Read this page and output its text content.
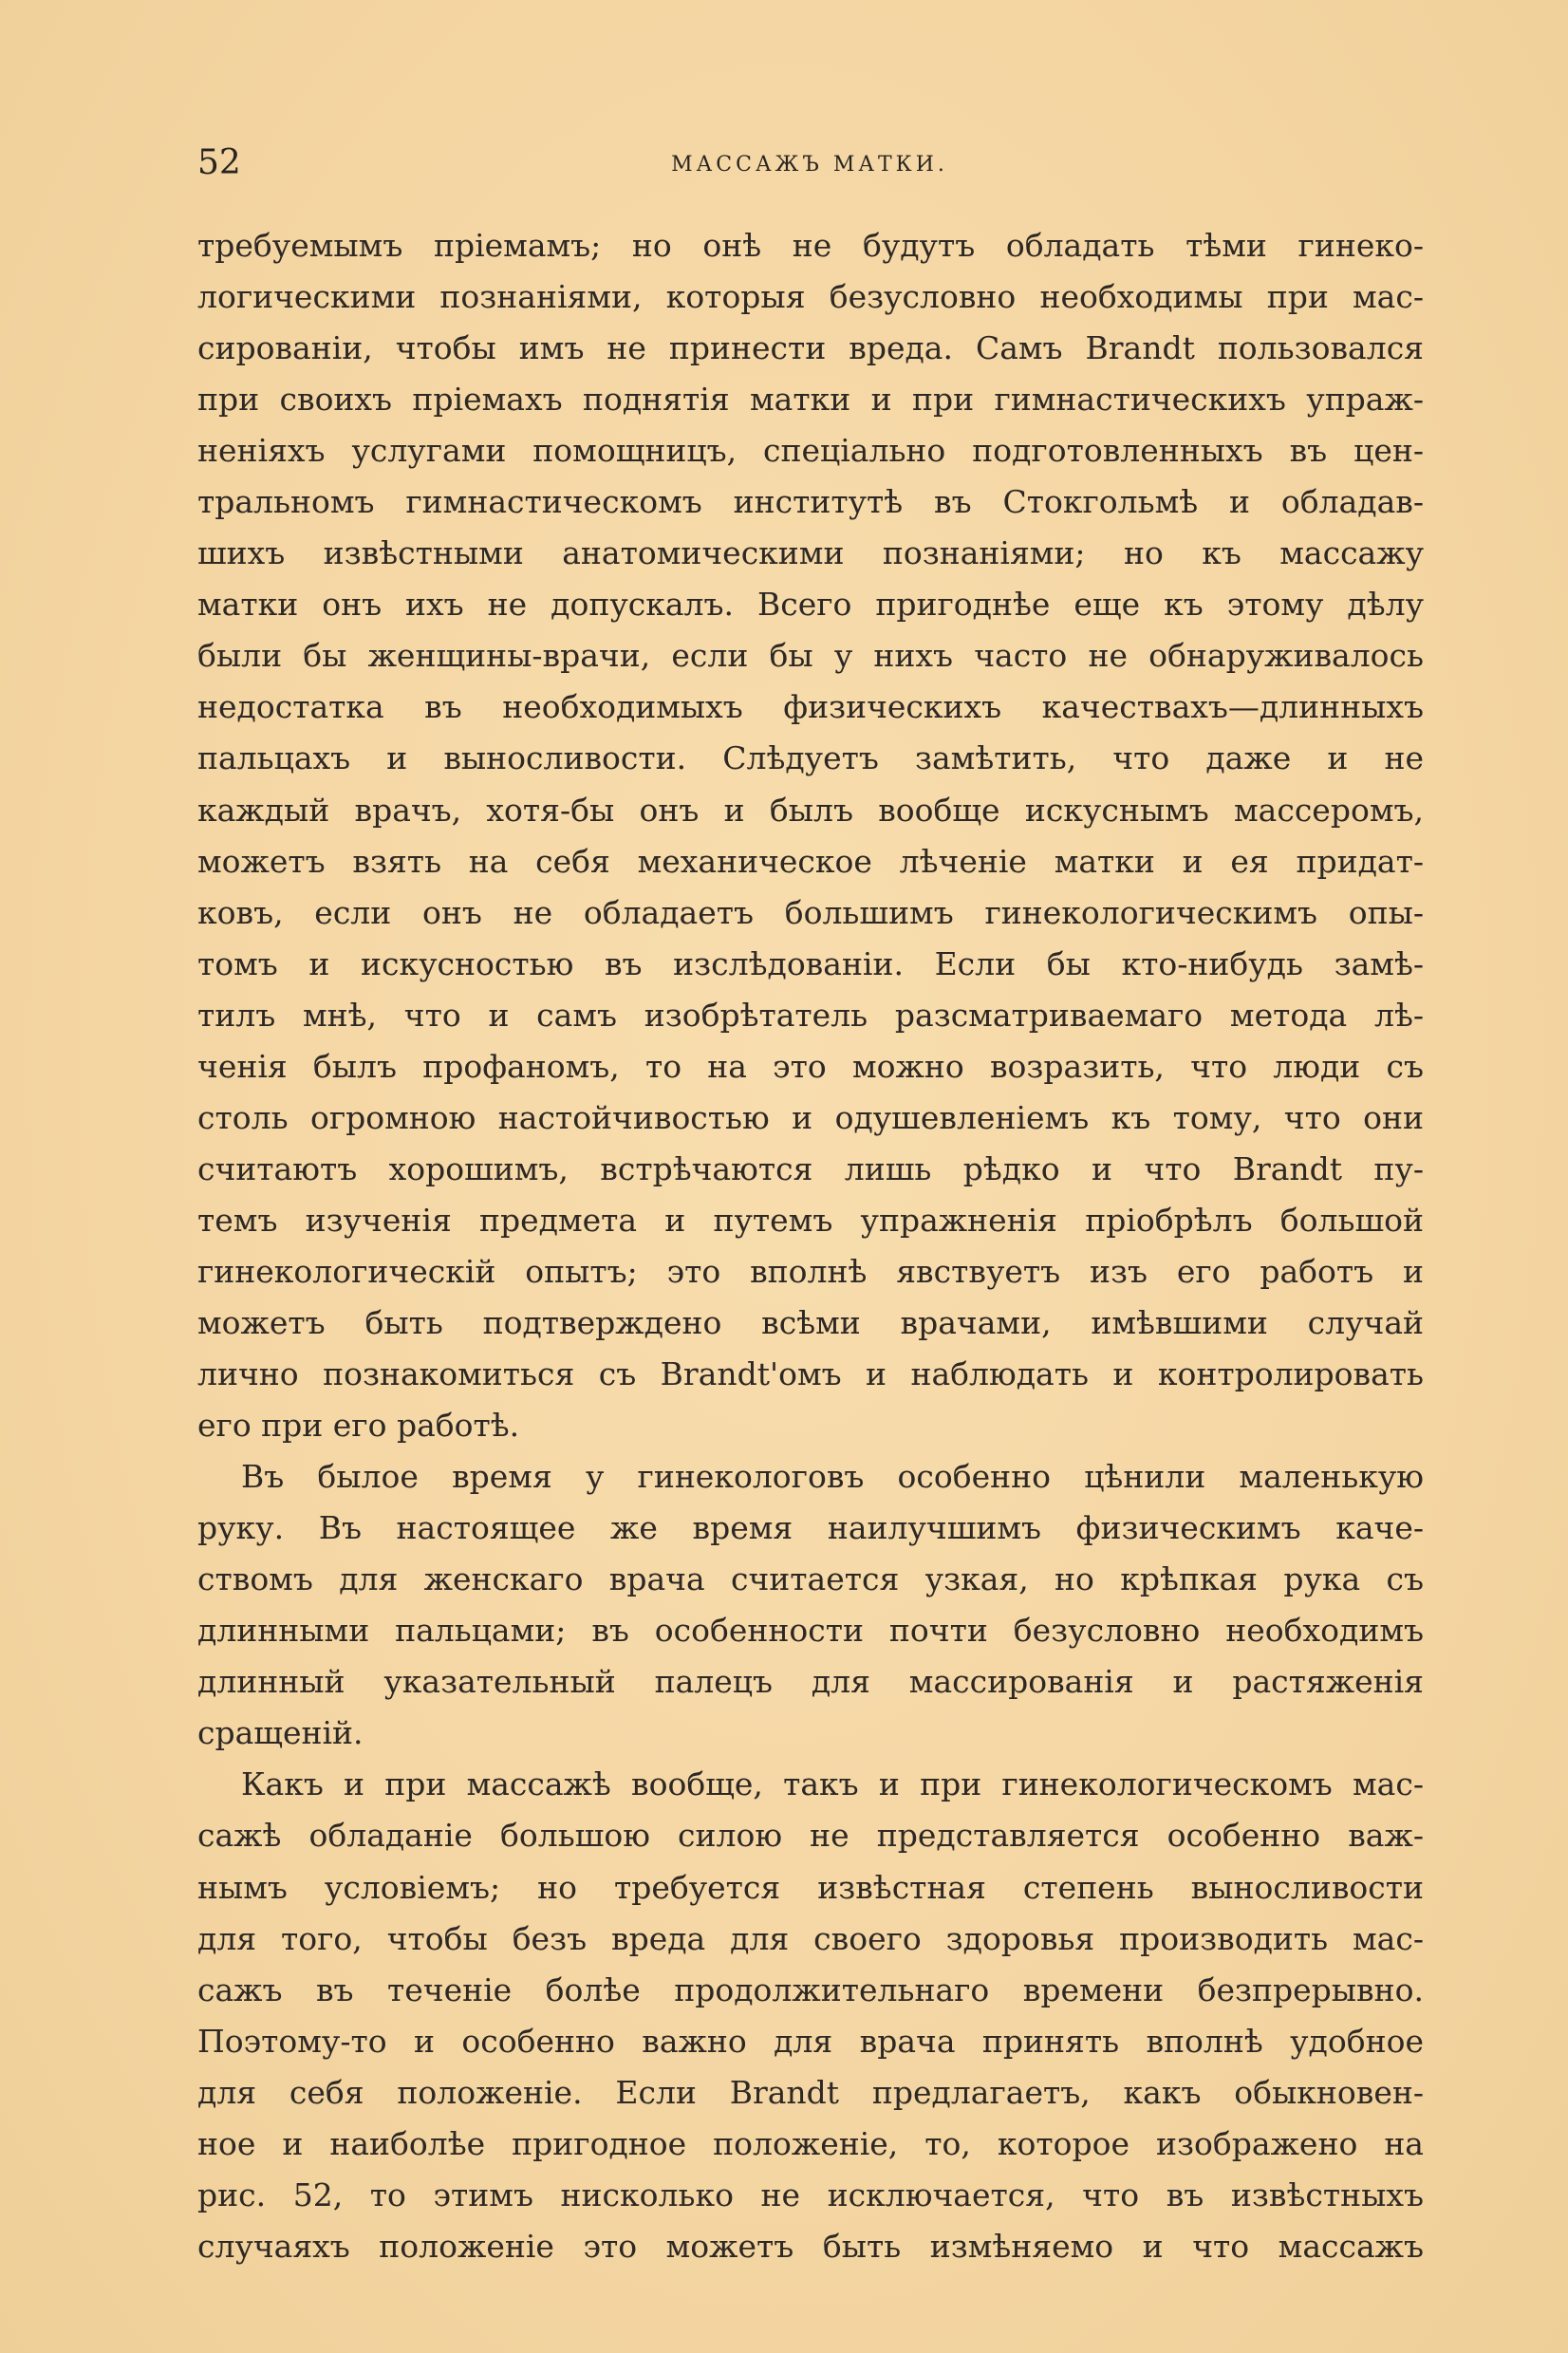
52	МАССАЖЪ МАТКИ.
требуемымъ пріемамъ; но онѣ не будутъ обладать тѣми гинеко-
логическими познаніями, которыя безусловно необходимы при мас-
сированіи, чтобы имъ не принести вреда. Самъ Brandt пользовался
при своихъ пріемахъ поднятія матки и при гимнастическихъ упраж-
неніяхъ услугами помощницъ, спеціально подготовленныхъ въ цен-
тральномъ гимнастическомъ институтѣ въ Стокгольмѣ и обладав-
шихъ извѣстными анатомическими познаніями; но къ массажу
матки онъ ихъ не допускалъ. Всего пригоднѣе еще къ этому дѣлу
были бы женщины-врачи, если бы у нихъ часто не обнаруживалось
недостатка въ необходимыхъ физическихъ качествахъ—длинныхъ
пальцахъ и выносливости. Слѣдуетъ замѣтить, что даже и не
каждый врачъ, хотя-бы онъ и былъ вообще искуснымъ массеромъ,
можетъ взять на себя механическое лѣченіе матки и ея придат-
ковъ, если онъ не обладаетъ большимъ гинекологическимъ опы-
томъ и искусностью въ изслѣдованіи. Если бы кто-нибудь замѣ-
тилъ мнѣ, что и самъ изобрѣтатель разсматриваемаго метода лѣ-
ченія былъ профаномъ, то на это можно возразить, что люди съ
столь огромною настойчивостью и одушевленіемъ къ тому, что они
считаютъ хорошимъ, встрѣчаются лишь рѣдко и что Brandt пу-
темъ изученія предмета и путемъ упражненія пріобрѣлъ большой
гинекологическій опытъ; это вполнѣ явствуетъ изъ его работъ и
можетъ быть подтверждено всѣми врачами, имѣвшими случай
лично познакомиться съ Brandt'омъ и наблюдать и контролировать
его при его работѣ.
Въ былое время у гинекологовъ особенно цѣнили маленькую
руку. Въ настоящее же время наилучшимъ физическимъ каче-
ствомъ для женскаго врача считается узкая, но крѣпкая рука съ
длинными пальцами; въ особенности почти безусловно необходимъ
длинный указательный палецъ для массированія и растяженія
сращеній.
Какъ и при массажѣ вообще, такъ и при гинекологическомъ мас-
сажѣ обладаніе большою силою не представляется особенно важ-
нымъ условіемъ; но требуется извѣстная степень выносливости
для того, чтобы безъ вреда для своего здоровья производить мас-
сажъ въ теченіе болѣе продолжительнаго времени безпрерывно.
Поэтому-то и особенно важно для врача принять вполнѣ удобное
для себя положеніе. Если Brandt предлагаетъ, какъ обыкновен-
ное и наиболѣе пригодное положеніе, то, которое изображено на
рис. 52, то этимъ нисколько не исключается, что въ извѣстныхъ
случаяхъ положеніе это можетъ быть измѣняемо и что массажъ
